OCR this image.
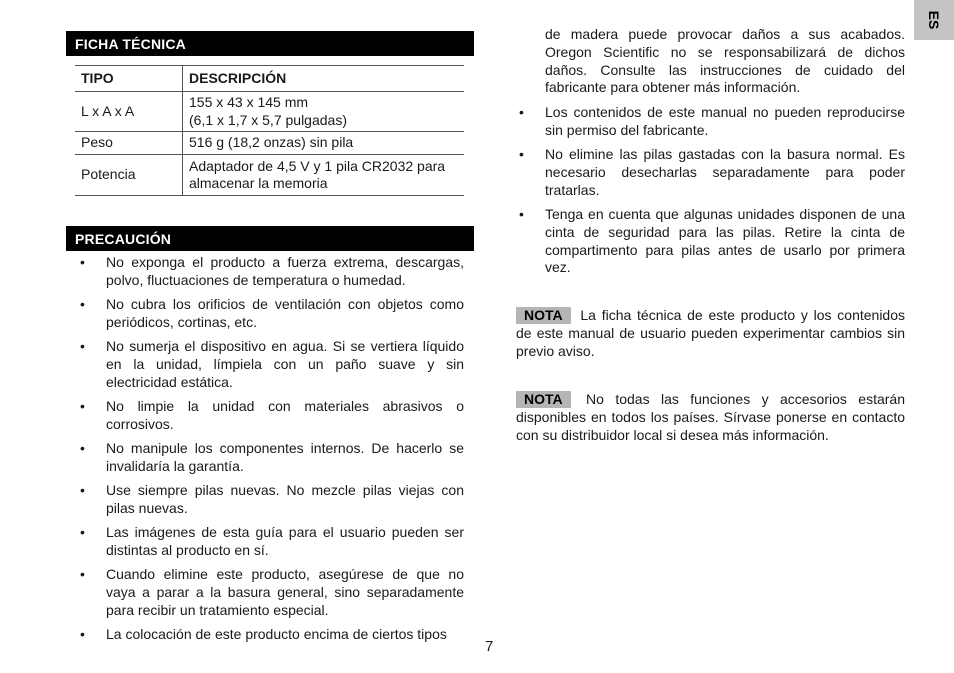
FICHA TÉCNICA
TIPO	DESCRIPCIÓN
L x A x A	155 x 43 x 145 mm
(6,1 x 1,7 x 5,7 pulgadas)

Peso	516 g (18,2 onzas) sin pila
Potencia	Adaptador de 4,5 V y 1 pila CR2032 para almacenar la memoria
PRECAUCIÓN
• No exponga el producto a fuerza extrema, descargas, polvo, fluctuaciones de temperatura o humedad.
• No cubra los orificios de ventilación con objetos como periódicos, cortinas, etc.
• No sumerja el dispositivo en agua. Si se vertiera líquido en la unidad, límpiela con un paño suave y sin electricidad estática.
• No limpie la unidad con materiales abrasivos o corrosivos.
• No manipule los componentes internos. De hacerlo se invalidaría la garantía.
• Use siempre pilas nuevas. No mezcle pilas viejas con pilas nuevas.
• Las imágenes de esta guía para el usuario pueden ser distintas al producto en sí.
• Cuando elimine este producto, asegúrese de que no vaya a parar a la basura general, sino separadamente para recibir un tratamiento especial.
• La colocación de este producto encima de ciertos tipos
de madera puede provocar daños a sus acabados. Oregon Scientific no se responsabilizará de dichos daños. Consulte las instrucciones de cuidado del fabricante para obtener más información.
• Los contenidos de este manual no pueden reproducirse sin permiso del fabricante.
• No elimine las pilas gastadas con la basura normal. Es necesario desecharlas separadamente para poder tratarlas.
• Tenga en cuenta que algunas unidades disponen de una cinta de seguridad para las pilas. Retire la cinta de compartimento para pilas antes de usarlo por primera vez.
NOTA La ficha técnica de este producto y los contenidos de este manual de usuario pueden experimentar cambios sin previo aviso.
NOTA No todas las funciones y accesorios estarán disponibles en todos los países. Sírvase ponerse en contacto con su distribuidor local si desea más información.
7
ES
